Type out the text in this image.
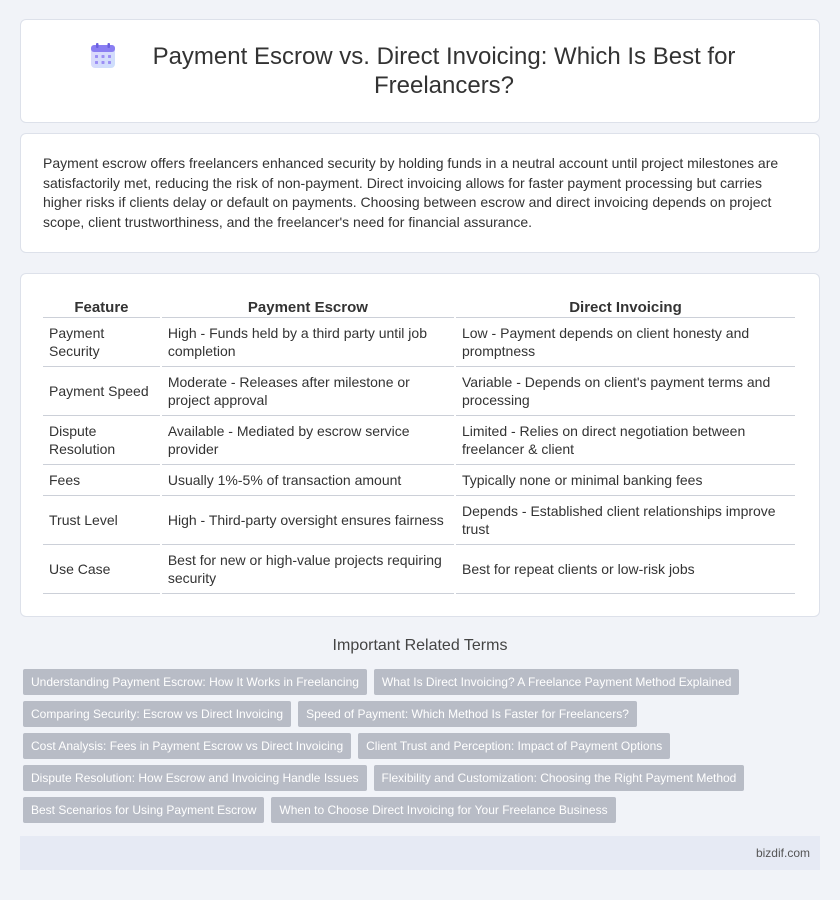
Payment Escrow vs. Direct Invoicing: Which Is Best for Freelancers?

Payment escrow offers freelancers enhanced security by holding funds in a neutral account until project milestones are satisfactorily met, reducing the risk of non-payment. Direct invoicing allows for faster payment processing but carries higher risks if clients delay or default on payments. Choosing between escrow and direct invoicing depends on project scope, client trustworthiness, and the freelancer's need for financial assurance.

Feature	Payment Escrow	Direct Invoicing
Payment Security	High - Funds held by a third party until job completion	Low - Payment depends on client honesty and promptness
Payment Speed	Moderate - Releases after milestone or project approval	Variable - Depends on client's payment terms and processing
Dispute Resolution	Available - Mediated by escrow service provider	Limited - Relies on direct negotiation between freelancer & client
Fees	Usually 1%-5% of transaction amount	Typically none or minimal banking fees
Trust Level	High - Third-party oversight ensures fairness	Depends - Established client relationships improve trust
Use Case	Best for new or high-value projects requiring security	Best for repeat clients or low-risk jobs
Important Related Terms
Understanding Payment Escrow: How It Works in Freelancing	What Is Direct Invoicing? A Freelance Payment Method Explained
Comparing Security: Escrow vs Direct Invoicing	Speed of Payment: Which Method Is Faster for Freelancers?
Cost Analysis: Fees in Payment Escrow vs Direct Invoicing	Client Trust and Perception: Impact of Payment Options
Dispute Resolution: How Escrow and Invoicing Handle Issues	Flexibility and Customization: Choosing the Right Payment Method
Best Scenarios for Using Payment Escrow	When to Choose Direct Invoicing for Your Freelance Business
bizdif.com
